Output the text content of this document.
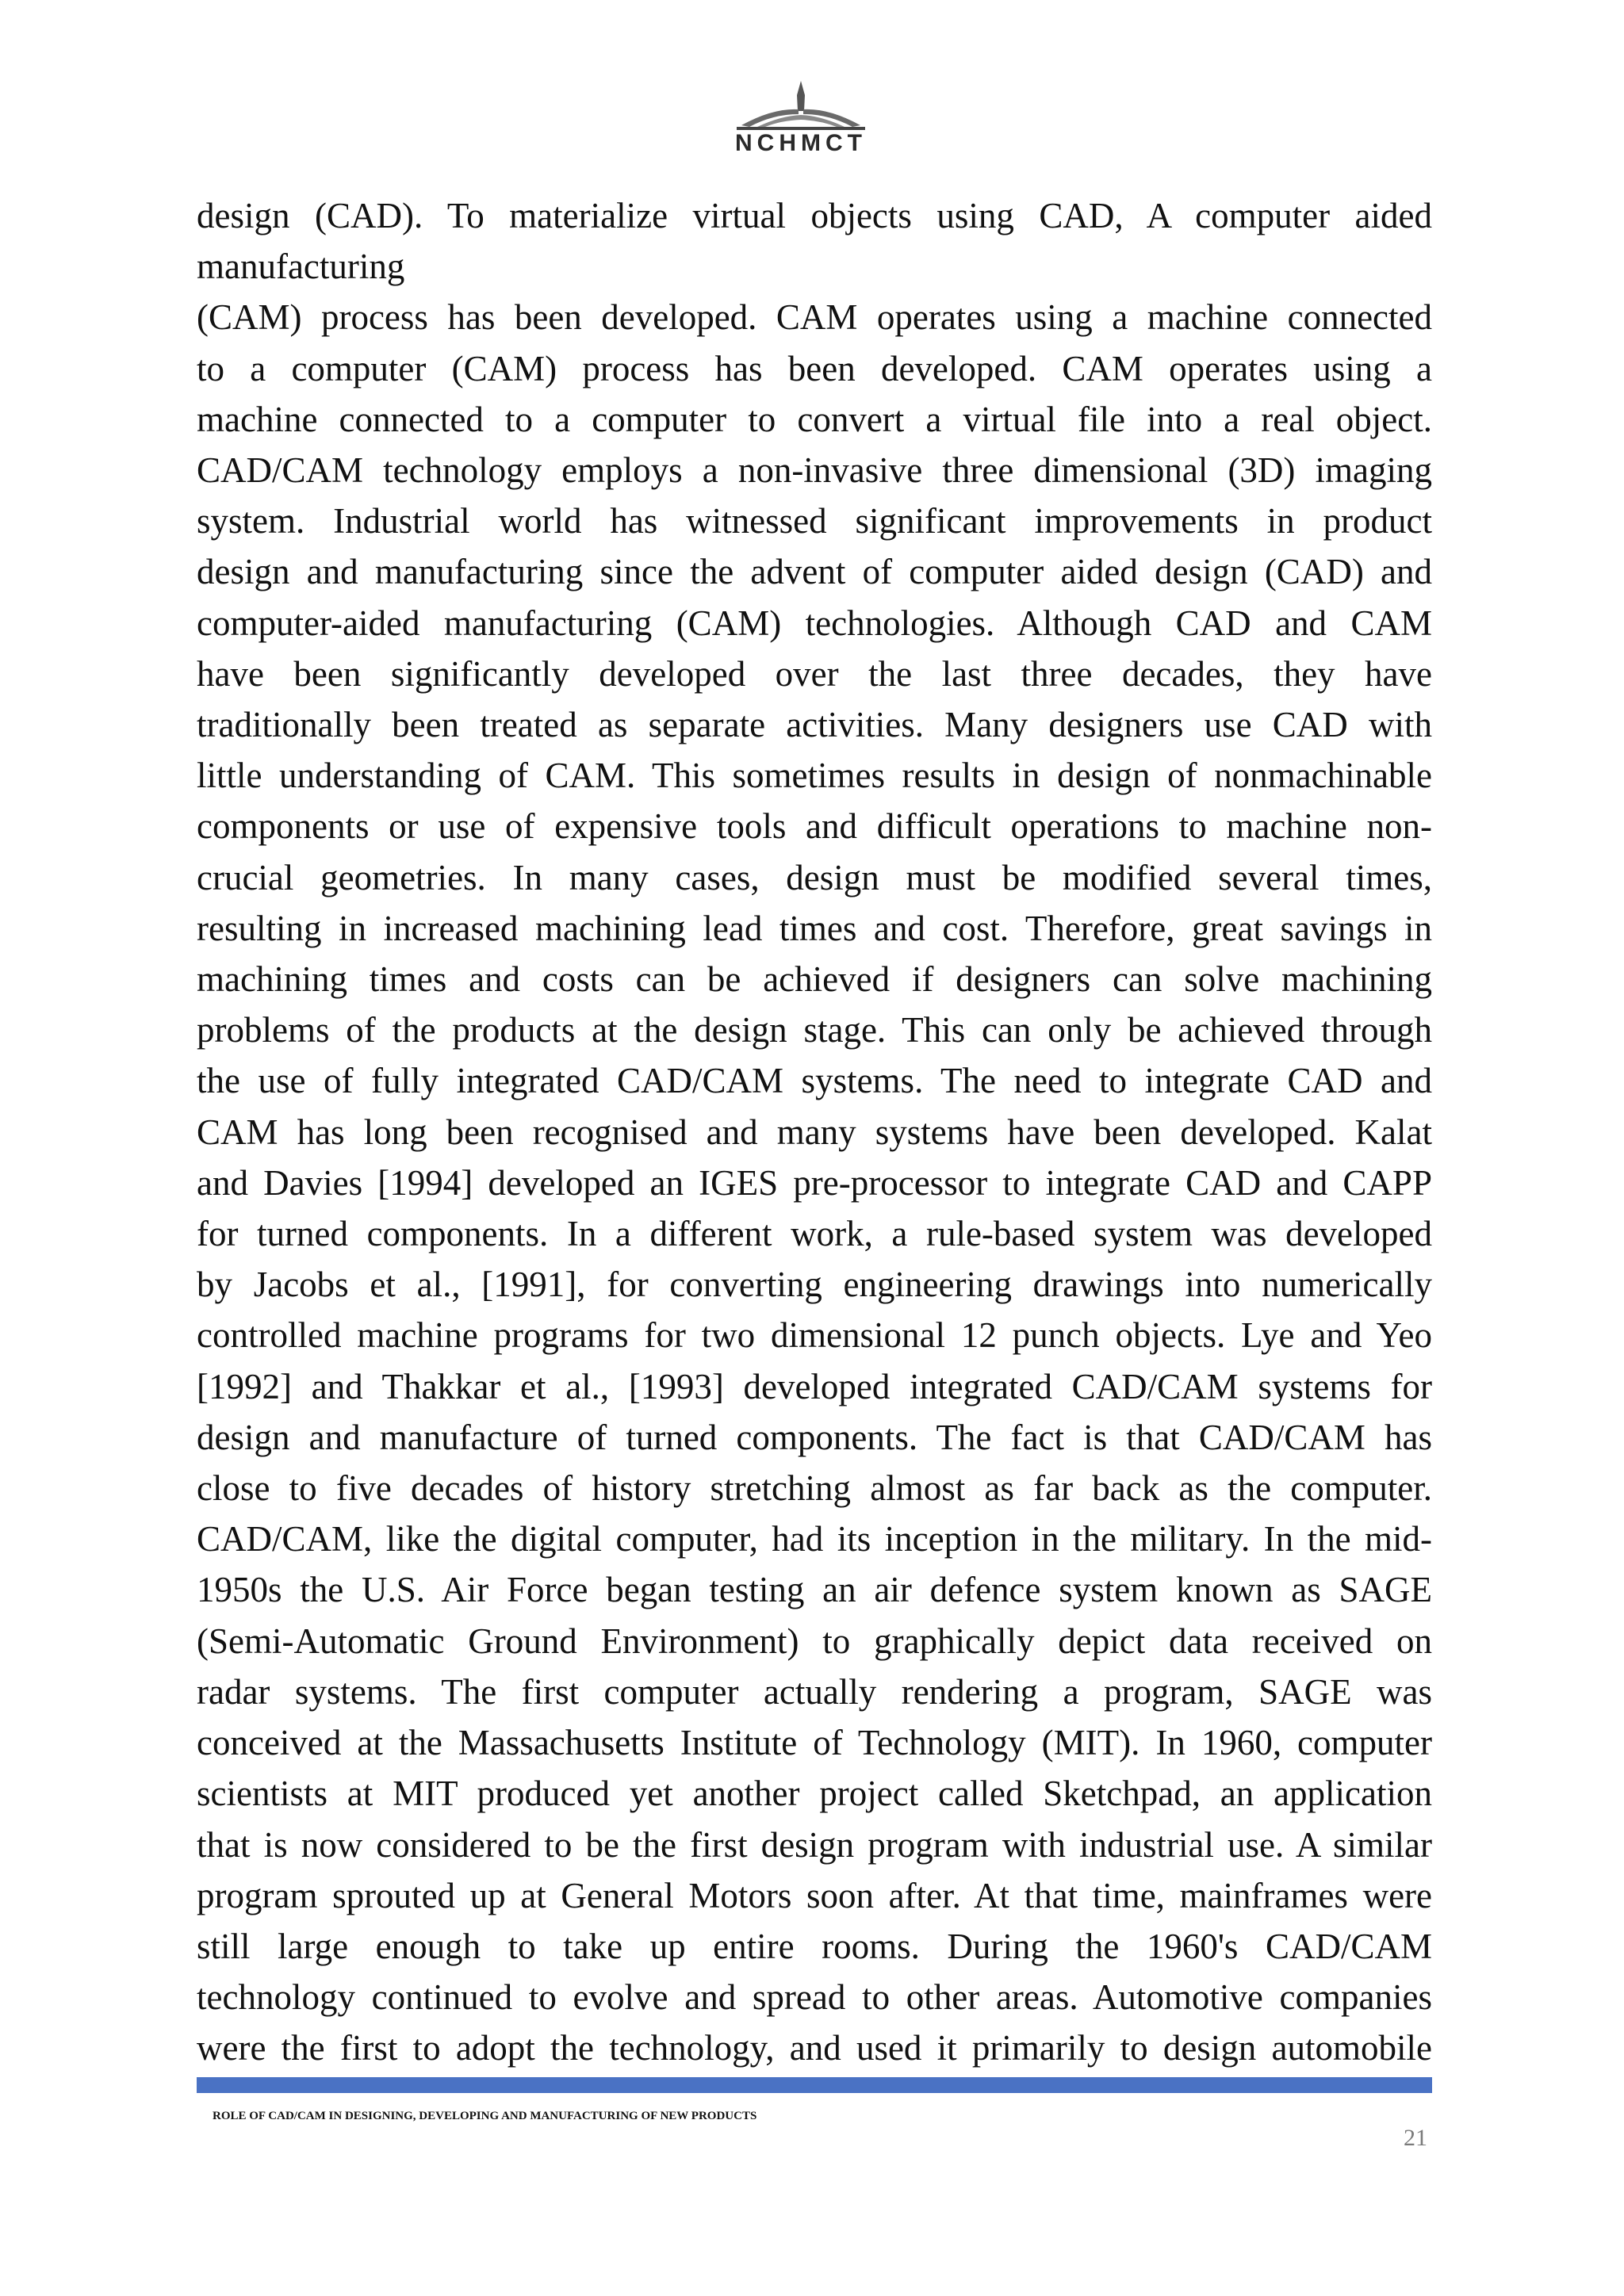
NCHMCT
design (CAD). To materialize virtual objects using CAD, A computer aided
manufacturing
(CAM) process has been developed. CAM operates using a machine connected
to a computer (CAM) process has been developed. CAM operates using a
machine connected to a computer to convert a virtual file into a real object.
CAD/CAM technology employs a non-invasive three dimensional (3D) imaging
system. Industrial world has witnessed significant improvements in product
design and manufacturing since the advent of computer aided design (CAD) and
computer-aided manufacturing (CAM) technologies. Although CAD and CAM
have been significantly developed over the last three decades, they have
traditionally been treated as separate activities. Many designers use CAD with
little understanding of CAM. This sometimes results in design of nonmachinable
components or use of expensive tools and difficult operations to machine non-
crucial geometries. In many cases, design must be modified several times,
resulting in increased machining lead times and cost. Therefore, great savings in
machining times and costs can be achieved if designers can solve machining
problems of the products at the design stage. This can only be achieved through
the use of fully integrated CAD/CAM systems. The need to integrate CAD and
CAM has long been recognised and many systems have been developed. Kalat
and Davies [1994] developed an IGES pre-processor to integrate CAD and CAPP
for turned components. In a different work, a rule-based system was developed
by Jacobs et al., [1991], for converting engineering drawings into numerically
controlled machine programs for two dimensional 12 punch objects. Lye and Yeo
[1992] and Thakkar et al., [1993] developed integrated CAD/CAM systems for
design and manufacture of turned components. The fact is that CAD/CAM has
close to five decades of history stretching almost as far back as the computer.
CAD/CAM, like the digital computer, had its inception in the military. In the mid-
1950s the U.S. Air Force began testing an air defence system known as SAGE
(Semi-Automatic Ground Environment) to graphically depict data received on
radar systems. The first computer actually rendering a program, SAGE was
conceived at the Massachusetts Institute of Technology (MIT). In 1960, computer
scientists at MIT produced yet another project called Sketchpad, an application
that is now considered to be the first design program with industrial use. A similar
program sprouted up at General Motors soon after. At that time, mainframes were
still large enough to take up entire rooms. During the 1960's CAD/CAM
technology continued to evolve and spread to other areas. Automotive companies
were the first to adopt the technology, and used it primarily to design automobile
ROLE OF CAD/CAM IN DESIGNING, DEVELOPING AND MANUFACTURING OF NEW PRODUCTS
21
